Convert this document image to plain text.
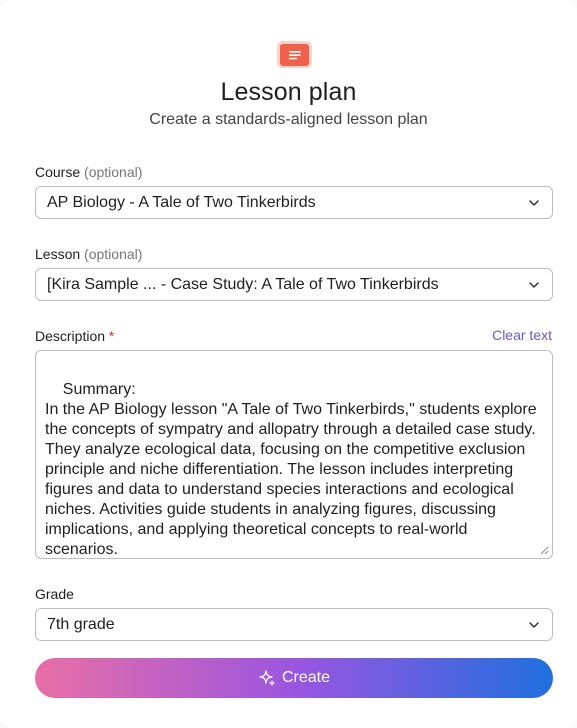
Lesson plan
Create a standards-aligned lesson plan
Course (optional)
AP Biology - A Tale of Two Tinkerbirds
Lesson (optional)
[Kira Sample ... - Case Study: A Tale of Two Tinkerbirds
Description *	Clear text

Summary:
In the AP Biology lesson "A Tale of Two Tinkerbirds," students explore the concepts of sympatry and allopatry through a detailed case study. They analyze ecological data, focusing on the competitive exclusion principle and niche differentiation. The lesson includes interpreting figures and data to understand species interactions and ecological niches. Activities guide students in analyzing figures, discussing implications, and applying theoretical concepts to real-world scenarios.

Grade
7th grade
Create
